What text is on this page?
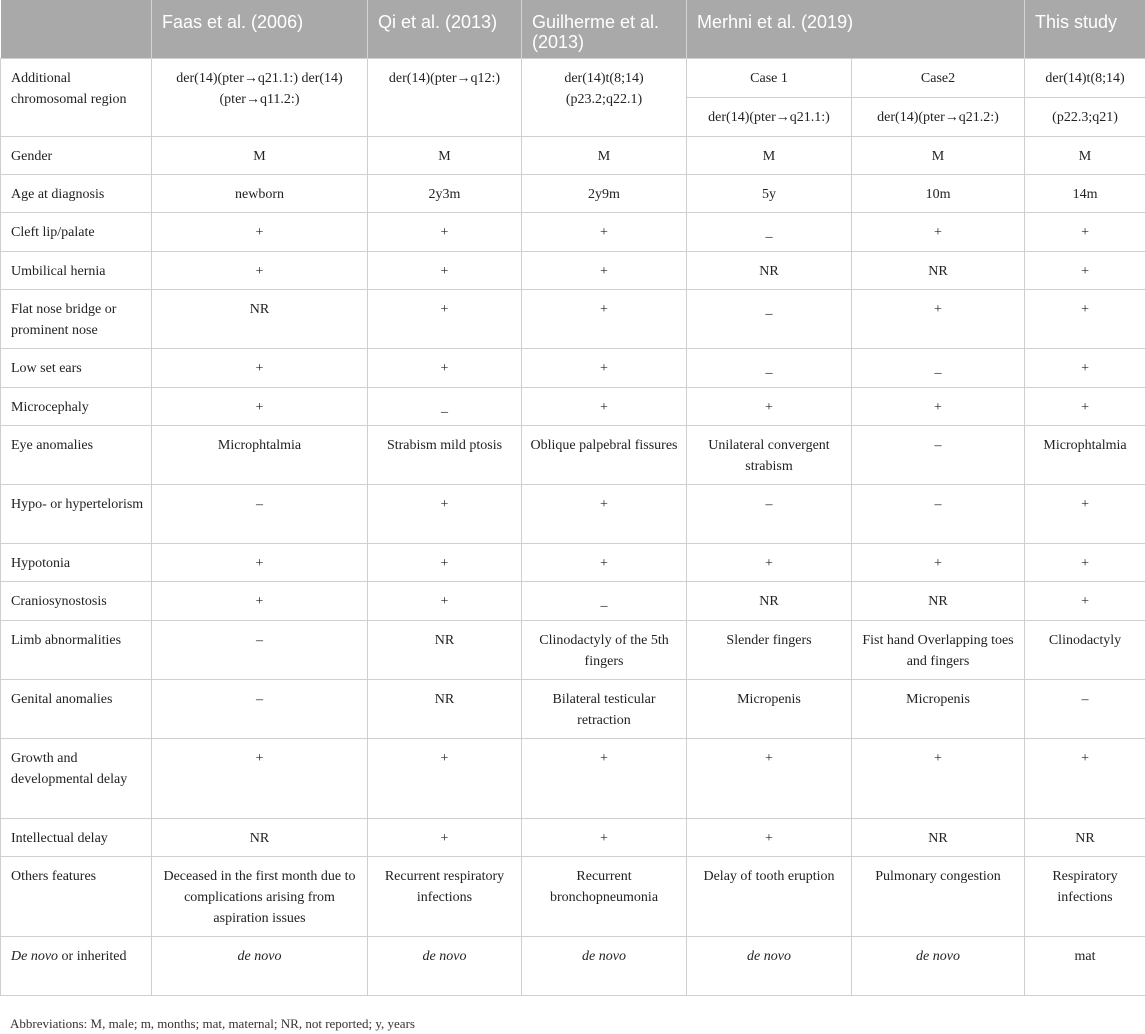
	Faas et al. (2006)	Qi et al. (2013)	Guilherme et al. (2013)	Merhni et al. (2019)		This study
Additional chromosomal region	der(14)(pter→q21.1:) der(14)(pter→q11.2:)	der(14)(pter→q12:)	der(14)t(8;14) (p23.2;q22.1)	Case 1	Case2	der(14)t(8;14)
				der(14)(pter→q21.1:)	der(14)(pter→q21.2:)	(p22.3;q21)
Gender	M	M	M	M	M	M
Age at diagnosis	newborn	2y3m	2y9m	5y	10m	14m
Cleft lip/palate	+	+	+	_	+	+
Umbilical hernia	+	+	+	NR	NR	+
Flat nose bridge or prominent nose	NR	+	+	_	+	+
Low set ears	+	+	+	_	_	+
Microcephaly	+	_	+	+	+	+
Eye anomalies	Microphtalmia	Strabism mild ptosis	Oblique palpebral fissures	Unilateral convergent strabism	–	Microphtalmia
Hypo- or hypertelorism	–	+	+	–	–	+
Hypotonia	+	+	+	+	+	+
Craniosynostosis	+	+	_	NR	NR	+
Limb abnormalities	–	NR	Clinodactyly of the 5th fingers	Slender fingers	Fist hand Overlapping toes and fingers	Clinodactyly
Genital anomalies	–	NR	Bilateral testicular retraction	Micropenis	Micropenis	–
Growth and developmental delay	+	+	+	+	+	+
Intellectual delay	NR	+	+	+	NR	NR
Others features	Deceased in the first month due to complications arising from aspiration issues	Recurrent respiratory infections	Recurrent bronchopneumonia	Delay of tooth eruption	Pulmonary congestion	Respiratory infections
De novo or inherited	de novo	de novo	de novo	de novo	de novo	mat
Abbreviations: M, male; m, months; mat, maternal; NR, not reported; y, years
